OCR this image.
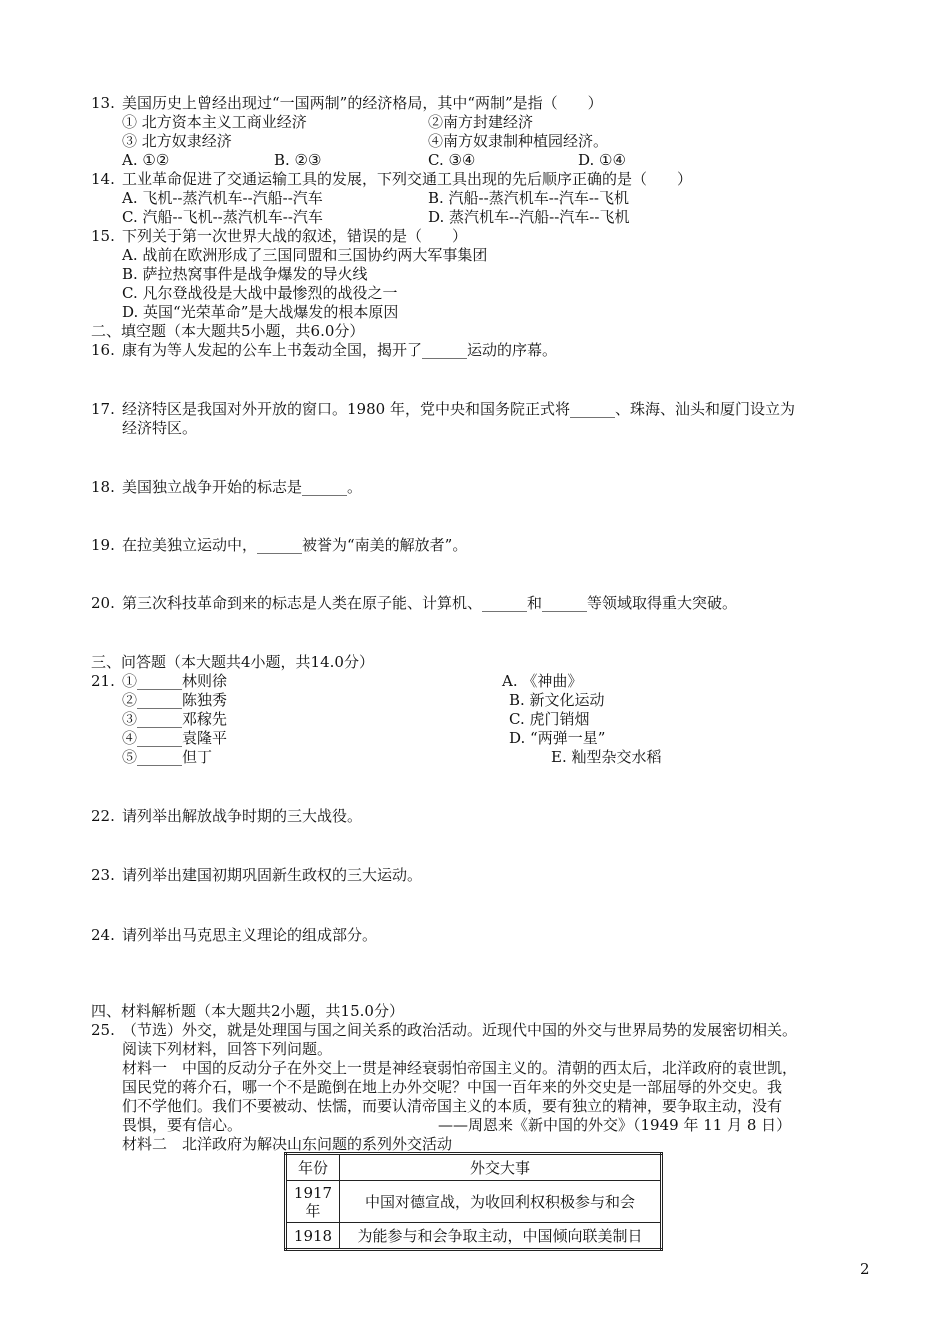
13. 美国历史上曾经出现过“一国两制”的经济格局，其中“两制”是指（　　）
① 北方资本主义工商业经济	②南方封建经济
③ 北方奴隶经济	④南方奴隶制种植园经济。
A. ①②	B. ②③	C. ③④	D. ①④
14. 工业革命促进了交通运输工具的发展，下列交通工具出现的先后顺序正确的是（　　）
A. 飞机--蒸汽机车--汽船--汽车	B. 汽船--蒸汽机车--汽车--飞机
C. 汽船--飞机--蒸汽机车--汽车	D. 蒸汽机车--汽船--汽车--飞机
15. 下列关于第一次世界大战的叙述，错误的是（　　）
A. 战前在欧洲形成了三国同盟和三国协约两大军事集团
B. 萨拉热窝事件是战争爆发的导火线
C. 凡尔登战役是大战中最惨烈的战役之一
D. 英国“光荣革命”是大战爆发的根本原因
二、填空题（本大题共5小题，共6.0分）
16. 康有为等人发起的公车上书轰动全国，揭开了______运动的序幕。
17. 经济特区是我国对外开放的窗口。1980 年，党中央和国务院正式将______、珠海、汕头和厦门设立为
经济特区。
18. 美国独立战争开始的标志是______。
19. 在拉美独立运动中，______被誉为“南美的解放者”。
20. 第三次科技革命到来的标志是人类在原子能、计算机、______和______等领域取得重大突破。
三、问答题（本大题共4小题，共14.0分）
21. ①______林则徐
②______陈独秀
③______邓稼先
④______袁隆平
⑤______但丁
A. 《神曲》
B. 新文化运动
C. 虎门销烟
D. “两弹一星”
E. 籼型杂交水稻
22. 请列举出解放战争时期的三大战役。
23. 请列举出建国初期巩固新生政权的三大运动。
24. 请列举出马克思主义理论的组成部分。
四、材料解析题（本大题共2小题，共15.0分）
25. （节选）外交，就是处理国与国之间关系的政治活动。近现代中国的外交与世界局势的发展密切相关。
阅读下列材料，回答下列问题。
材料一　中国的反动分子在外交上一贯是神经衰弱怕帝国主义的。清朝的西太后，北洋政府的袁世凯，
国民党的蒋介石，哪一个不是跪倒在地上办外交呢？中国一百年来的外交史是一部屈辱的外交史。我
们不学他们。我们不要被动、怯懦，而要认清帝国主义的本质，要有独立的精神，要争取主动，没有
畏惧，要有信心。	——周恩来《新中国的外交》（1949 年 11 月 8 日）
材料二　北洋政府为解决山东问题的系列外交活动
年份	外交大事
1917
年	中国对德宣战，为收回利权积极参与和会
1918	为能参与和会争取主动，中国倾向联美制日
2
